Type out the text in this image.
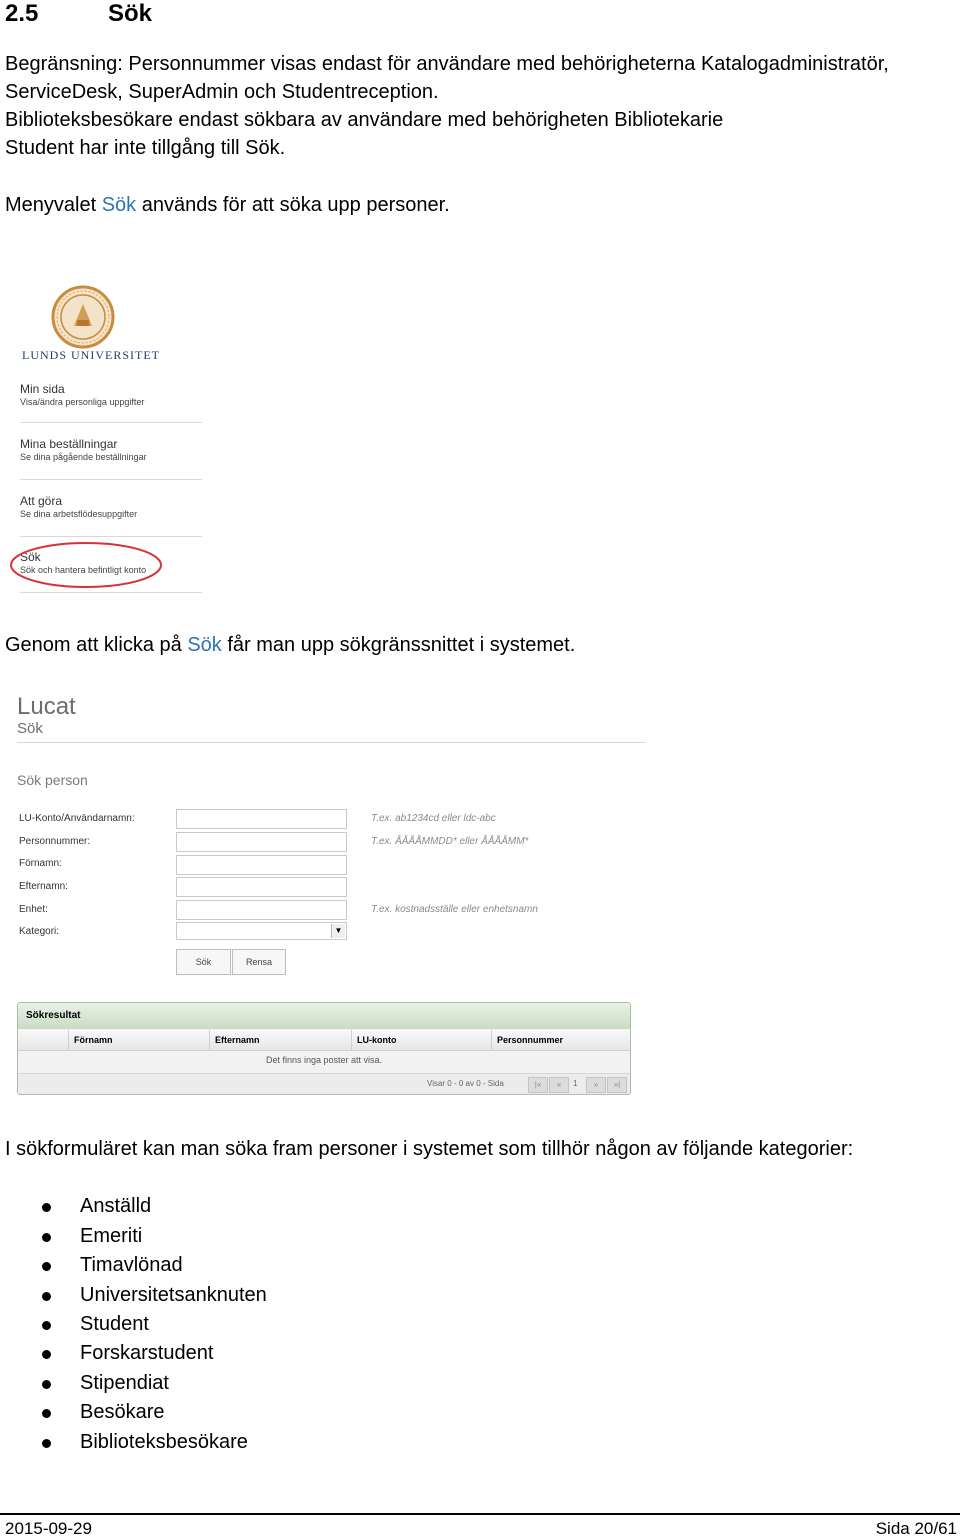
2.5	Sök
Begränsning: Personnummer visas endast för användare med behörigheterna Katalogadministratör,
ServiceDesk, SuperAdmin och Studentreception.
Biblioteksbesökare endast sökbara av användare med behörigheten Bibliotekarie
Student har inte tillgång till Sök.
Menyvalet Sök används för att söka upp personer.
LUNDS UNIVERSITET
Min sida
Visa/ändra personliga uppgifter
Mina beställningar
Se dina pågående beställningar
Att göra
Se dina arbetsflödesuppgifter
Sök
Sök och hantera befintligt konto
Genom att klicka på Sök får man upp sökgränssnittet i systemet.
Lucat
Sök
Sök person
LU-Konto/Användarnamn:	T.ex. ab1234cd eller ldc-abc
Personnummer:	T.ex. ÅÅÅÅMMDD* eller ÅÅÅÅMM*
Förnamn:
Efternamn:
Enhet:	T.ex. kostnadsställe eller enhetsnamn
Kategori:	▼
Sök	Rensa
Sökresultat
Förnamn	Efternamn	LU-konto	Personnummer
Det finns inga poster att visa.
Visar 0 - 0 av 0 - Sida	|«	«	1	»	»|
I sökformuläret kan man söka fram personer i systemet som tillhör någon av följande kategorier:
Anställd
Emeriti
Timavlönad
Universitetsanknuten
Student
Forskarstudent
Stipendiat
Besökare
Biblioteksbesökare
2015-09-29	Sida 20/61
